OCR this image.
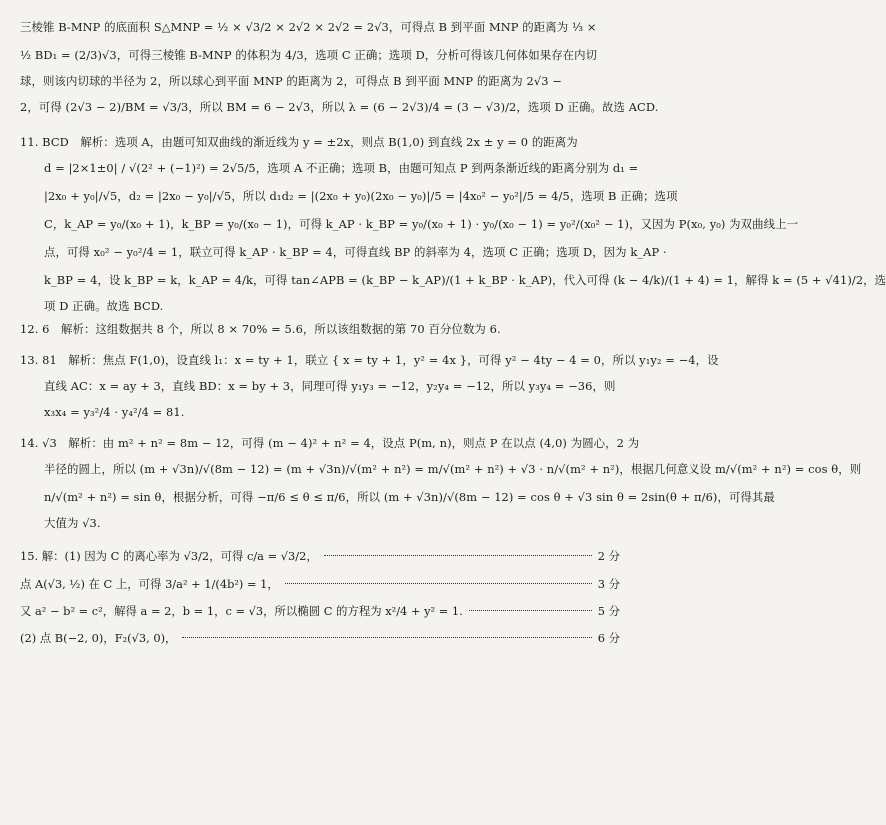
三棱锥 B-MNP 的底面积 S△MNP = ½ × √3/2 × 2√2 × 2√2 = 2√3，可得点 B 到平面 MNP 的距离为 ⅓ ×
½ BD₁ = (2/3)√3，可得三棱锥 B-MNP 的体积为 4/3，选项 C 正确；选项 D，分析可得该几何体如果存在内切
球，则该内切球的半径为 2，所以球心到平面 MNP 的距离为 2，可得点 B 到平面 MNP 的距离为 2√3 −
2，可得 (2√3 − 2)/BM = √3/3，所以 BM = 6 − 2√3，所以 λ = (6 − 2√3)/4 = (3 − √3)/2，选项 D 正确。故选 ACD.
11. BCD　解析：选项 A，由题可知双曲线的渐近线为 y = ±2x，则点 B(1,0) 到直线 2x ± y = 0 的距离为
d = |2×1±0| / √(2² + (−1)²) = 2√5/5，选项 A 不正确；选项 B，由题可知点 P 到两条渐近线的距离分别为 d₁ =
|2x₀ + y₀|/√5，d₂ = |2x₀ − y₀|/√5，所以 d₁d₂ = |(2x₀ + y₀)(2x₀ − y₀)|/5 = |4x₀² − y₀²|/5 = 4/5，选项 B 正确；选项
C，k_AP = y₀/(x₀ + 1)，k_BP = y₀/(x₀ − 1)，可得 k_AP · k_BP = y₀/(x₀ + 1) · y₀/(x₀ − 1) = y₀²/(x₀² − 1)，又因为 P(x₀, y₀) 为双曲线上一
点，可得 x₀² − y₀²/4 = 1，联立可得 k_AP · k_BP = 4，可得直线 BP 的斜率为 4，选项 C 正确；选项 D，因为 k_AP ·
k_BP = 4，设 k_BP = k，k_AP = 4/k，可得 tan∠APB = (k_BP − k_AP)/(1 + k_BP · k_AP)，代入可得 (k − 4/k)/(1 + 4) = 1，解得 k = (5 + √41)/2，选
项 D 正确。故选 BCD.
12. 6　解析：这组数据共 8 个，所以 8 × 70% = 5.6，所以该组数据的第 70 百分位数为 6.
13. 81　解析：焦点 F(1,0)，设直线 l₁：x = ty + 1，联立 { x = ty + 1，y² = 4x }，可得 y² − 4ty − 4 = 0，所以 y₁y₂ = −4，设
直线 AC：x = ay + 3，直线 BD：x = by + 3，同理可得 y₁y₃ = −12，y₂y₄ = −12，所以 y₃y₄ = −36，则
x₃x₄ = y₃²/4 · y₄²/4 = 81.
14. √3　解析：由 m² + n² = 8m − 12，可得 (m − 4)² + n² = 4，设点 P(m, n)，则点 P 在以点 (4,0) 为圆心，2 为
半径的圆上，所以 (m + √3n)/√(8m − 12) = (m + √3n)/√(m² + n²) = m/√(m² + n²) + √3 · n/√(m² + n²)，根据几何意义设 m/√(m² + n²) = cos θ，则
n/√(m² + n²) = sin θ，根据分析，可得 −π/6 ≤ θ ≤ π/6，所以 (m + √3n)/√(8m − 12) = cos θ + √3 sin θ = 2sin(θ + π/6)，可得其最
大值为 √3.
15. 解：(1) 因为 C 的离心率为 √3/2，可得 c/a = √3/2，	2 分
点 A(√3, ½) 在 C 上，可得 3/a² + 1/(4b²) = 1，	3 分
又 a² − b² = c²，解得 a = 2，b = 1，c = √3，所以椭圆 C 的方程为 x²/4 + y² = 1.	5 分
(2) 点 B(−2, 0)，F₂(√3, 0)，	6 分
